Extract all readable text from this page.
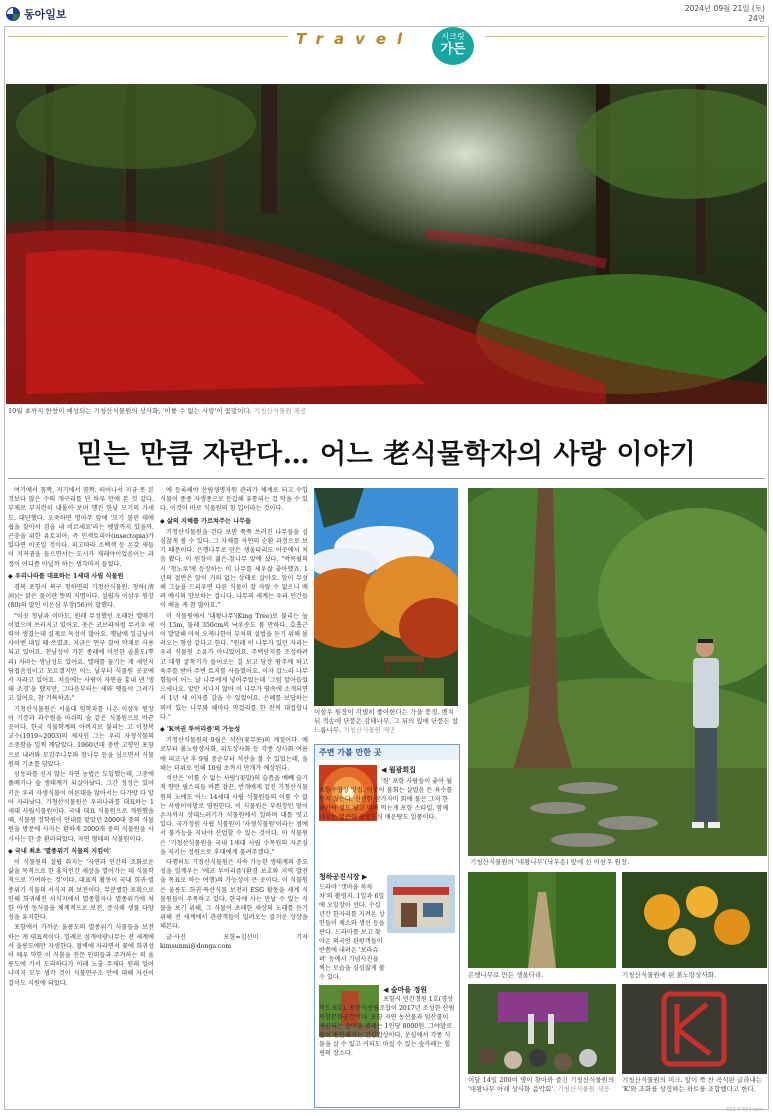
동아일보	2024년 09월 21일 (토)
24면
Travel	시크릿
가든
10월 초까지 한창이 예상되는 기청산식물원의 상사화, '이룰 수 없는 사랑'이 꽃말이다. 기청산식물원 제공
믿는 만큼 자란다… 어느 老식물학자의 사랑 이야기

여기에서 꼼짝, 저기에서 꼼짝. 떠어나서 지금 못 본 것보다 많은 수의 개구리를 단 하루 만에 본 것 같다. 부채로 부지런히 내몰아 보며 행진 한낮 모기의 가세도. 대단했다. 오죽하면 명아주 앞에 '모기 물린 데에 쉽을 찾아서 검을 내 비르세요'라는 팻말까지 있을까. 곤충을 위한 유토피아, 즉 인섹토피아(insectopia)가 있다면 이곳일 것이다. 피고따라 소백색 등 온갖 새들이 지저귐을 들으면서는 도시가 재래야이었음이는 과정이 어디쯤 아닐까 하는 생각마저 들었다.

◆ 우리나라를 대표하는 1세대 사립 식물원

경북 포항시 북구 청하면의 기청산식물원. 청하(淸河)는 맑은 물이란 뜻의 지명이다. 설립자 이삼우 원장(80)의 말인 이은심 부장(56)이 말했다.

"이곳 청남과 이마도, 원래 무성했던 오래된 앨매기 이었으며 쓰러지고 있어요. 웃은 코브라처럼 무서우 세력이 생겼는데 실제로 독성이 많아요. 옛날에 일급님이 사이엔 내일 때 쓰였죠. 지금은 연구 결여 약재로 사용되고 있어요. 천남성이 기본 종래에 미인한 골룸도(뿌리) 자라는 생남성도 있어요. 엘매를 둘기는 게 세인지 담접음성이고 모르겠지만 어느 날부터 식물원 곳곳에서 자라고 있어요. 처음에는 사람이 자연을 흉내 낸 '생태 조경'을 했지만, 그다음부터는 새와 옛들이 그려가고 있어요, 참 기특하죠."

기청산식물원은 서울대 임학과를 나온 이삼우 원장이 기증과 과수원을 아쉬의 숲 같은 식물원으로 바꾼 곳이다. 한국 식물학계의 아버지로 불리는 고 이창복 교수(1919~2003)의 제자인 그는 우리 자생식물의 소중함을 일찍 깨달았다. 1960년대 중반 고향인 포항으로 내려와 모감주나무와 참나무 등을 심으면서 식물원의 기초를 닦았다.

삼동파를 선지 않는 자연 농법은 도입했는데, 그중에 풀베기나 숲 생태계가 되살아났다. 그간 정성은 있어 키운 우리 자생식물이 어른대을 않아서는 다가방 다 알아 자라났다. 기청산식물원은 우리나라를 대표하는 1세대 사립식물원이다. 국내 대표 식물원으로 개원했을 때, 식물원 장학원이 안내를 맡았던 2000대 중의 식물원을 방문에 사지는 환하게 2000개 중의 식물원을 사시사는 한 중 환라되었다. 자연 형태의 식물원이다.

◆ 국내 최초 '멸종위기 식물의 지킴이'

이 식물원의 설립 취지는 '자연과 인간의 조화로운 삶을 목적으로 한 홍익인간 세상을 열어가는 데 식물학적으로 기여하는 것'이다. 대표적 활동이 국내 희귀·멸종위기 식물의 서식지 외 보전이다. 무분별한 포획으로 인해 희귀해진 서식지에서 멸종할자나 멸종위기에 처한 야생 동식물을 체계적으로 보전, 증식해 생물 다양성을 유지한다.

포항에서 가까운 울릉도의 멸종위기 식물들을 보전하는 게 대표적이다. 일례로 섬개야광나무는 전 세계에서 울릉도에만 자생한다. 절벽에 자라면서 꽃에 희귀성이 매우 약한 이 식물을 전문 인력들과 주거하는 의 울릉도에 가서 도리하다가 이래 노출 주제다 원래 일어 나머지 모두 생각 것이 식물연구소 안에 대해 자신이 걸이도 지원에 되었다.

에 등록해야 산림생명자원 관리가 체계로 되고 수입식물이 종종 자생종으로 둔갑해 유통되는 걸 막을 수 있다. 이것이 바로 식물원의 힘 입어라는 것이다.

◆ 삶의 지혜를 가르쳐주는 나무들

기청산식물원을 걷다 보면 쭉쭉 쓰러진 나무들을 심심찮게 볼 수 있다. 그 자체를 자연의 순환 과정으로 보기 때문이다. 은행나무로 만든 생울타리도 이곳에서 처음 봤다. 이 원장이 젊은-참나무 앞에 섰다. "박목월의 시 '청노루'에 등장하는 이 나무를 세우잖 좋아했죠. 1년의 절반은 앞이 거의 없는 상태로 살아요. 앞이 무성해 그늘을 드리우면 다른 식물이 잘 자랄 수 없으니 배려 예시의 양보하는 겁니다. 나무의 세계는 우리 인간들이 배울 게 참 많아요."

이 식물원에서 '대왕나무'(King Tree)로 불리는 높이 15m, 둘레 350cm의 낙우송도 볼 만하다. 호흡근이 발달해 마치 오케나한이 부처의 설법을 듣기 위해 몰려오는 형상 같다고 한다. "원래 이 나무가 있던 자리는 우리 식물원 소유가 아니었어요. 주택단지를 조성하려고 대형 굴착기가 들어오는 걸 보고 당장 땅주께 하고 육주를 받아 주변 토지를 사들였어요. 이자 갑느라 나무 힘들어 어느 날 나무에게 넣어주었는데 '그럼 앞아들었으세나요. 앞만 지나지 않아 이 나무가 땅속에 소개되면서 1년 새 이자를 갚을 수 있었어요. 은혜를 보답하는 의미 있는 나무와 해마다 막걸리를 한 잔씩 대접합니다."

◆ 'K여권 투어리즘'의 가능성

기청산식물원의 9월은 석산(꽃무릇)의 계절이다. 예로부터 붉노랑상사화, 위도상사화 등 각종 상사화 여름에 피고 난 후 9월 중순부터 석산을 볼 수 있었는데, 올해는 더위로 인해 10월 초까지 만개가 예상된다.

석산은 '이룰 수 없는 사랑'(꽃말)의 슬픔을 예빼 슬기적 향만 필스피들 바쁜 잠끈, 반개에게 겉진 기청산식물원의 노에도 어느 14세대 사립 식물원들의 이룰 수 없는 사랑이야말로 염원한다. 이 식물원은 부원장인 딸이 손자까지 상대느러기가 식물원에서 일하며 대를 잇고 있다. 국가정원 사립 식물원이 '자생식물원'이라는 점에서 불가능을 지녀야 산업할 수 있는 것이다. 이 식물원은 '기청산식물원을 국내 1세대 사립 수목원의 자존심을 지키는 정원으로 후대에게 물려주겠다."

다행히도 기청산식물원은 자속 가능한 생태계의 중요성을 일깨우는 '에코 투어리즘'(환경 보호와 지역 발전을 목표로 하는 여행)의 가능성이 큰 곳이다. 이 식물원은 울릉도 희귀·특산식물 보전과 ESG 활동을 세계 식물원들이 주목하고 있다. 한국에 사는 만날 수 있는 식물을 보기 위해, 그 식물이 초래한 세상의 노래를 듣기 위해 전 세계에서 관광객들이 밀려오는 즐거운 상상을 해본다.

글·사진 포항=김선미 기자 kimsunmi@donga.com

이삼우 원장이 각별히 좋아한다는 가을 풍경. 벤치 뒤 적송에 단풍은 감태나무, 그 뒤의 잎에 단풍든 참느릅나무. 기청산식물원 제공
기청산식물원의 '대왕나무'(낙우송) 앞에 선 이삼우 원장.
주변 가볼 만한 곳
◀ 월광회집
'원' 포항 사람들이 좋아 월포항수협장 맛집. 이곳이 물회는 살얼음 든 육수를 붓지 않는다. 신선한 참가자미 회에 물은 그저 한 숟가락 정도 넣고 비벼 먹는게 포항 스타일. 함께 나오는 얼큰한 광성도식 매운탕도 일품이다.
청하공진시장 ▶
드라마 '갯마을 차차차'의 촬영지. 1일과 6일에 오일장이 선다. 수십 년간 한자리를 지켜온 상인들이 채소와 생선 등을 판다. 드라마를 보고 찾아온 외국인 관광객들이 반쯤에 내려온 '보라슈퍼' 등에서 기념사진을 찍는 모습을 심심찮게 볼 수 있다.
◀ 숲마을 정원
포항시 민간정원 1호(경상북도 6호). 포항시산림조합이 2017년 조성한 산림 복합문화공간이다. 포항 자연 농산물과 임산물이 제공되는 숲마을 뷔페는 1인당 8000원. 그야말로 숲이 편안해지는 건강밥상이다. 운실에서 각종 식물을 살 수 있고 커피도 마실 수 있는 숲카페는 힐링의 장소다.
은행나무로 만든 생울타리.	기청산식물원에 핀 붉노랑상사화.
이달 14일 200여 명이 찾아와 즐긴 기청산식물원의 '대왕나무 아래 상사화 음악회'. 기청산식물원 제공
기청산식물원의 미크. 앞이 쭉 찬 곡식판 글라내는 'K'와 조화를 상징하는 하트를 조합했다고 한다.
310 X 504 mm
